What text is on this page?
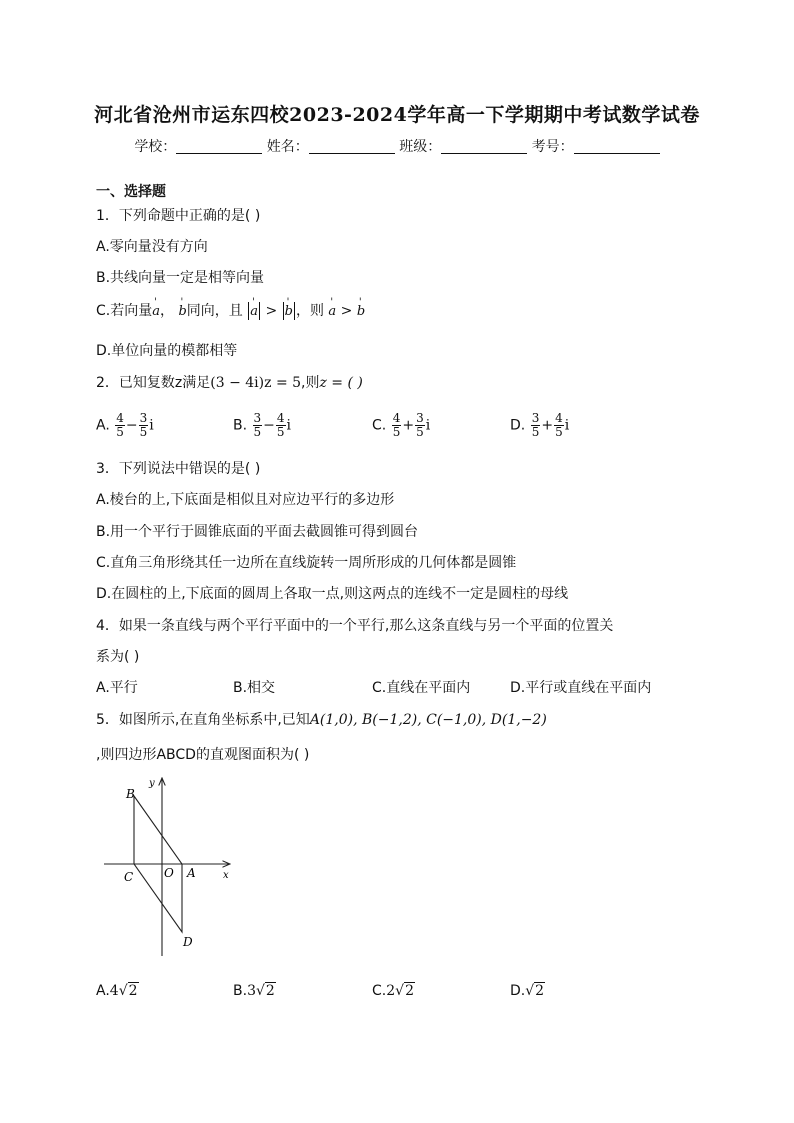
河北省沧州市运东四校2023-2024学年高一下学期期中考试数学试卷
学校：	姓名：	班级：	考号：
一、选择题
1．下列命题中正确的是( )
A.零向量没有方向
B.共线向量一定是相等向量
C.若向量' a， ' b同向，且 ' a > ' b ，则 ' a > ' b
D.单位向量的模都相等
2．已知复数z满足(3 − 4i)z = 5,则z = ( )
A. $\frac{4}{5} - \frac{3}{5}$ i	B. $\frac{3}{5} - \frac{4}{5}$ i	C. $\frac{4}{5} + \frac{3}{5}$ i	D. $\frac{3}{5} + \frac{4}{5}$ i
3．下列说法中错误的是( )
A.棱台的上,下底面是相似且对应边平行的多边形
B.用一个平行于圆锥底面的平面去截圆锥可得到圆台
C.直角三角形绕其任一边所在直线旋转一周所形成的几何体都是圆锥
D.在圆柱的上,下底面的圆周上各取一点,则这两点的连线不一定是圆柱的母线
4．如果一条直线与两个平行平面中的一个平行,那么这条直线与另一个平面的位置关
系为( )
A.平行	B.相交	C.直线在平面内	D.平行或直线在平面内
5．如图所示,在直角坐标系中,已知A(1,0), B(−1,2), C(−1,0), D(1,−2)
,则四边形ABCD的直观图面积为( )
B
C	O A
D
x
y
A.4√2	B.3√2	C.2√2	D.√2
